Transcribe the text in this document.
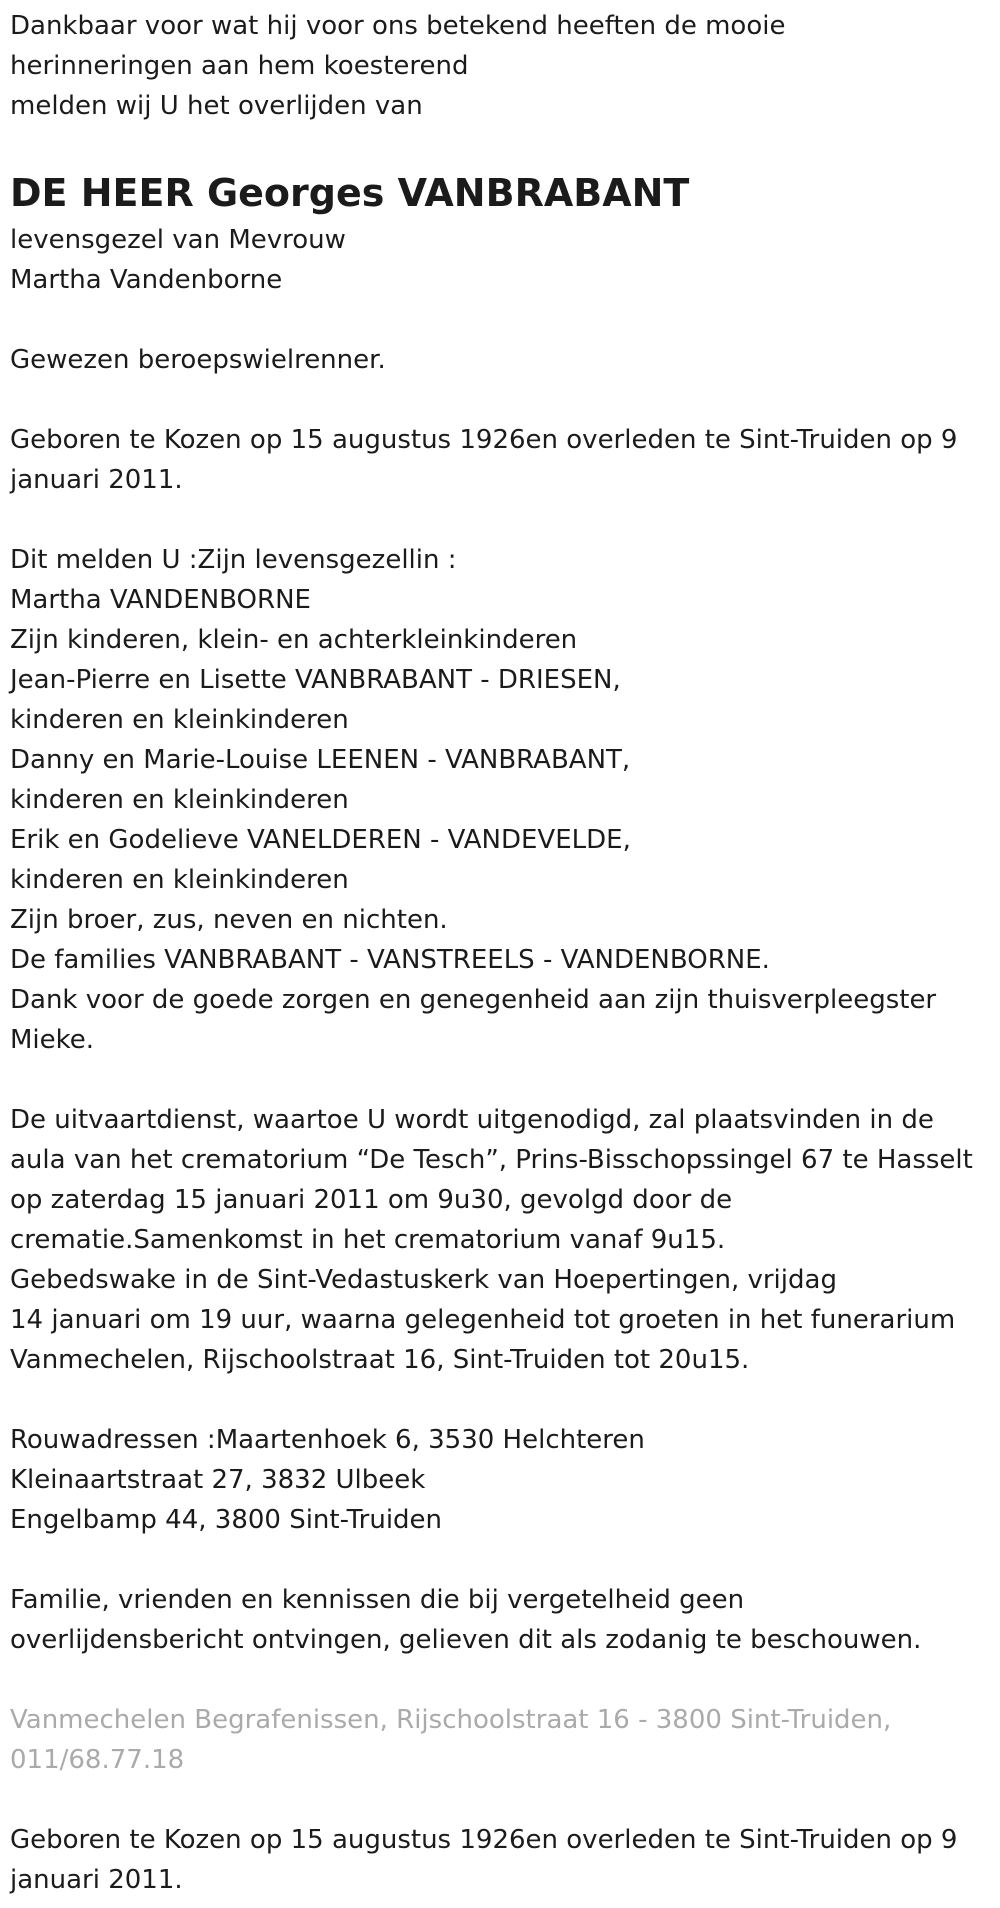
Dankbaar voor wat hij voor ons betekend heeften de mooie
herinneringen aan hem koesterend
melden wij U het overlijden van
DE HEER Georges VANBRABANT
levensgezel van Mevrouw
Martha Vandenborne
Gewezen beroepswielrenner.
Geboren te Kozen op 15 augustus 1926en overleden te Sint-Truiden op 9
januari 2011.
Dit melden U :Zijn levensgezellin :
Martha VANDENBORNE
Zijn kinderen, klein- en achterkleinkinderen
Jean-Pierre en Lisette VANBRABANT - DRIESEN,
kinderen en kleinkinderen
Danny en Marie-Louise LEENEN - VANBRABANT,
kinderen en kleinkinderen
Erik en Godelieve VANELDEREN - VANDEVELDE,
kinderen en kleinkinderen
Zijn broer, zus, neven en nichten.
De families VANBRABANT - VANSTREELS - VANDENBORNE.
Dank voor de goede zorgen en genegenheid aan zijn thuisverpleegster
Mieke.
De uitvaartdienst, waartoe U wordt uitgenodigd, zal plaatsvinden in de
aula van het crematorium “De Tesch”, Prins-Bisschopssingel 67 te Hasselt
op zaterdag 15 januari 2011 om 9u30, gevolgd door de
crematie.Samenkomst in het crematorium vanaf 9u15.
Gebedswake in de Sint-Vedastuskerk van Hoepertingen, vrijdag
14 januari om 19 uur, waarna gelegenheid tot groeten in het funerarium
Vanmechelen, Rijschoolstraat 16, Sint-Truiden tot 20u15.
Rouwadressen :Maartenhoek 6, 3530 Helchteren
Kleinaartstraat 27, 3832 Ulbeek
Engelbamp 44, 3800 Sint-Truiden
Familie, vrienden en kennissen die bij vergetelheid geen
overlijdensbericht ontvingen, gelieven dit als zodanig te beschouwen.
Vanmechelen Begrafenissen, Rijschoolstraat 16 - 3800 Sint-Truiden,
011/68.77.18
Geboren te Kozen op 15 augustus 1926en overleden te Sint-Truiden op 9
januari 2011.
